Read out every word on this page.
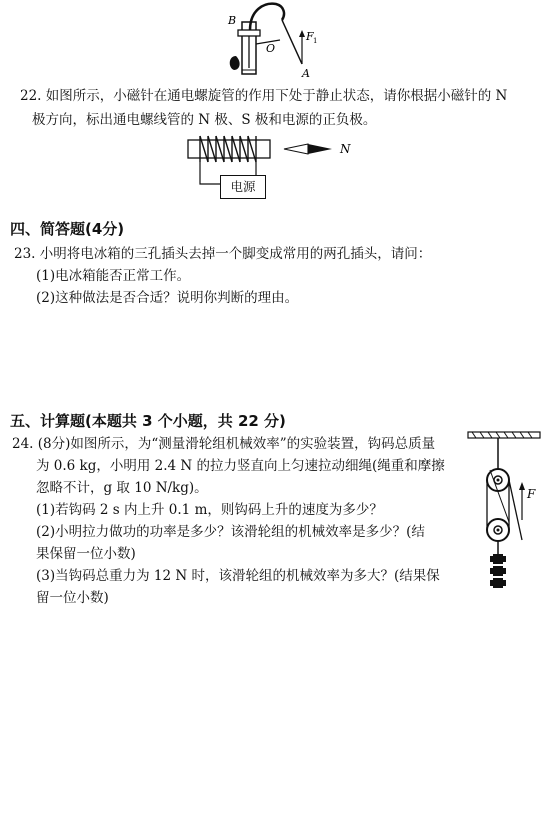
B
O
F 1
A
22. 如图所示，小磁针在通电螺旋管的作用下处于静止状态，请你根据小磁针的 N
极方向，标出通电螺线管的 N 极、S 极和电源的正负极。
N
电源
四、简答题(4分)
23. 小明将电冰箱的三孔插头去掉一个脚变成常用的两孔插头，请问：
(1)电冰箱能否正常工作。
(2)这种做法是否合适？说明你判断的理由。
五、计算题(本题共 3 个小题，共 22 分)
24. (8分)如图所示，为“测量滑轮组机械效率”的实验装置，钩码总质量
为 0.6 kg，小明用 2.4 N 的拉力竖直向上匀速拉动细绳(绳重和摩擦
忽略不计，g 取 10 N/kg)。
(1)若钩码 2 s 内上升 0.1 m，则钩码上升的速度为多少？
(2)小明拉力做功的功率是多少？该滑轮组的机械效率是多少？(结
果保留一位小数)
(3)当钩码总重力为 12 N 时，该滑轮组的机械效率为多大？(结果保
留一位小数)
F
